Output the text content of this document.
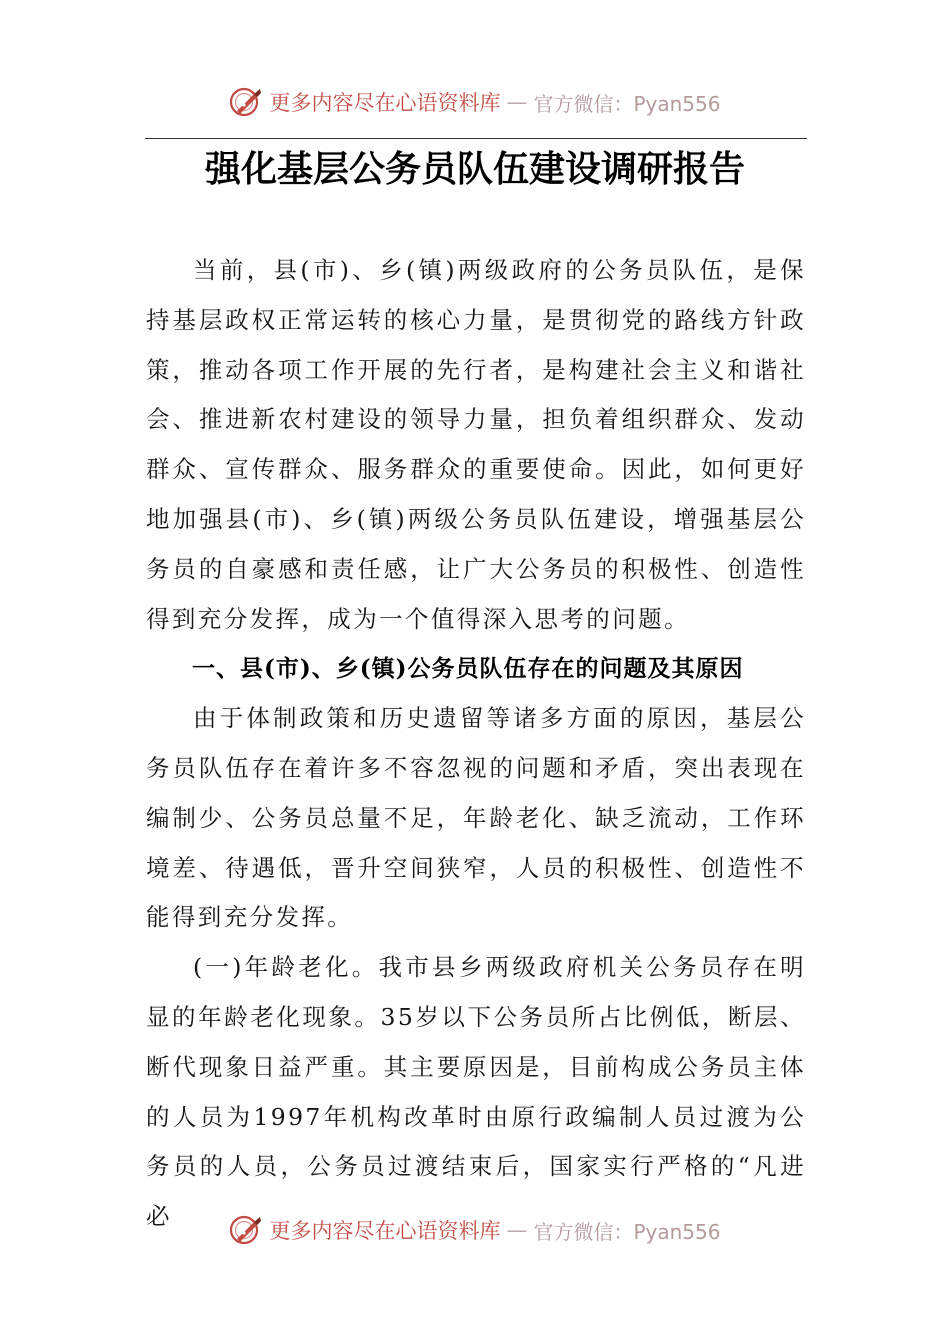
更多内容尽在心语资料库 — 官方微信：Pyan556
强化基层公务员队伍建设调研报告

当前，县(市)、乡(镇)两级政府的公务员队伍，是保持基层政权正常运转的核心力量，是贯彻党的路线方针政策，推动各项工作开展的先行者，是构建社会主义和谐社会、推进新农村建设的领导力量，担负着组织群众、发动群众、宣传群众、服务群众的重要使命。因此，如何更好地加强县(市)、乡(镇)两级公务员队伍建设，增强基层公务员的自豪感和责任感，让广大公务员的积极性、创造性得到充分发挥，成为一个值得深入思考的问题。

一、县(市)、乡(镇)公务员队伍存在的问题及其原因

由于体制政策和历史遗留等诸多方面的原因，基层公务员队伍存在着许多不容忽视的问题和矛盾，突出表现在编制少、公务员总量不足，年龄老化、缺乏流动，工作环境差、待遇低，晋升空间狭窄，人员的积极性、创造性不能得到充分发挥。

(一)年龄老化。我市县乡两级政府机关公务员存在明显的年龄老化现象。35岁以下公务员所占比例低，断层、断代现象日益严重。其主要原因是，目前构成公务员主体的人员为1997年机构改革时由原行政编制人员过渡为公务员的人员，公务员过渡结束后，国家实行严格的“凡进必

更多内容尽在心语资料库 — 官方微信：Pyan556
